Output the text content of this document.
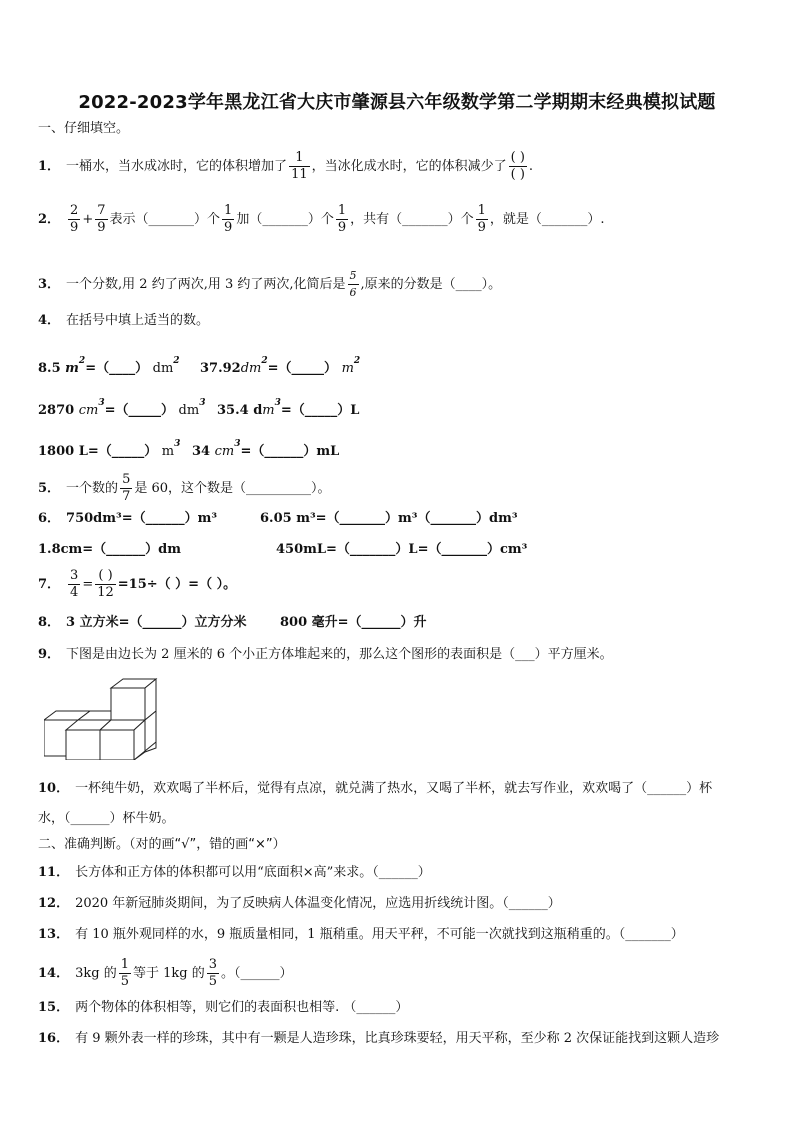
2022-2023学年黑龙江省大庆市肇源县六年级数学第二学期期末经典模拟试题
一、仔细填空。
1． 一桶水，当水成冰时，它的体积增加了 $\frac{1}{11}$ ，当冰化成水时，它的体积减少了 $\frac{( )}{( )}$ .
2． $\frac{2}{9} + \frac{7}{9}$ 表示（_______）个 $\frac{1}{9}$ 加（_______）个 $\frac{1}{9}$ ，共有（_______）个 $\frac{1}{9}$ ，就是（_______）.
3． 一个分数,用 2 约了两次,用 3 约了两次,化简后是 $\frac{5}{6}$ ,原来的分数是（____）。
4． 在括号中填上适当的数。
8.5 $m^2=(\_\_\_\_)$ $dm^2$ $37.92dm^2=(\_\_\_\_\_)$ $m^2$
2870 $cm^3=(\_\_\_\_\_)$ $dm^3$ 35.4 $dm^3=(\_\_\_\_\_)L$
1800 L=（_____） $m^3$ 34 $cm^3=(\_\_\_\_\_\_)mL$
5． 一个数的 $\frac{5}{7}$ 是 60，这个数是（__________）。
6． 750dm³=（______）m³	6.05 m³=（_______）m³（_______）dm³
1.8cm=（______）dm	450mL=（_______）L=（_______）cm³
7． $\frac{3}{4} = \frac{( )}{12} =15\div$（ ）=（ ）。
8． 3 立方米=（______）立方分米	800 毫升=（______）升
9． 下图是由边长为 2 厘米的 6 个小正方体堆起来的，那么这个图形的表面积是（___）平方厘米。
10． 一杯纯牛奶，欢欢喝了半杯后，觉得有点凉，就兑满了热水，又喝了半杯，就去写作业，欢欢喝了（______）杯
水，（______）杯牛奶。
二、准确判断。（对的画“√”，错的画“×”）
11． 长方体和正方体的体积都可以用“底面积×高”来求。（______）
12． 2020 年新冠肺炎期间，为了反映病人体温变化情况，应选用折线统计图。（______）
13． 有 10 瓶外观同样的水，9 瓶质量相同，1 瓶稍重。用天平秤，不可能一次就找到这瓶稍重的。（_______）
14． 3kg 的 $\frac{1}{5}$ 等于 1kg 的 $\frac{3}{5}$ 。（______）
15． 两个物体的体积相等，则它们的表面积也相等. （______）
16． 有 9 颗外表一样的珍珠，其中有一颗是人造珍珠，比真珍珠要轻，用天平称，至少称 2 次保证能找到这颗人造珍
